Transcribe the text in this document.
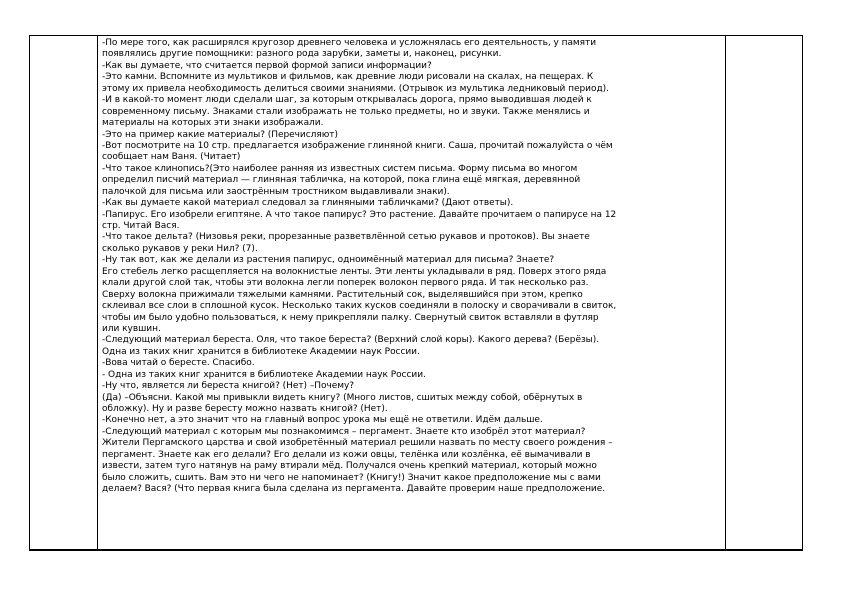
-По мере того, как расширялся кругозор древнего человека и усложнялась его деятельность, у памяти
появлялись другие помощники: разного рода зарубки, заметы и, наконец, рисунки.
-Как вы думаете, что считается первой формой записи информации?
-Это камни. Вспомните из мультиков и фильмов, как древние люди рисовали на скалах, на пещерах. К
этому их привела необходимость делиться своими знаниями. (Отрывок из мультика ледниковый период).
-И в какой-то момент люди сделали шаг, за которым открывалась дорога, прямо выводившая людей к
современному письму. Знаками стали изображать не только предметы, но и звуки. Также менялись и
материалы на которых эти знаки изображали.
-Это на пример какие материалы? (Перечисляют)
-Вот посмотрите на 10 стр. предлагается изображение глиняной книги. Саша, прочитай пожалуйста о чём
сообщает нам Ваня. (Читает)
-Что такое клинопись?(Это наиболее ранняя из известных систем письма. Форму письма во многом
определил писчий материал — глиняная табличка, на которой, пока глина ещё мягкая, деревянной
палочкой для письма или заострённым тростником выдавливали знаки).
-Как вы думаете какой материал следовал за глиняными табличками? (Дают ответы).
-Папирус. Его изобрели египтяне. А что такое папирус? Это растение. Давайте прочитаем о папирусе на 12
стр. Читай Вася.
-Что такое дельта? (Низовья реки, прорезанные разветвлённой сетью рукавов и протоков). Вы знаете
сколько рукавов у реки Нил? (7).
-Ну так вот, как же делали из растения папирус, одноимённый материал для письма? Знаете?
Его стебель легко расщепляется на волокнистые ленты. Эти ленты укладывали в ряд. Поверх этого ряда
клали другой слой так, чтобы эти волокна легли поперек волокон первого ряда. И так несколько раз.
Сверху волокна прижимали тяжелыми камнями. Растительный сок, выделявшийся при этом, крепко
склеивал все слои в сплошной кусок. Несколько таких кусков соединяли в полоску и сворачивали в свиток,
чтобы им было удобно пользоваться, к нему прикрепляли палку. Свернутый свиток вставляли в футляр
или кувшин.
-Следующий материал береста. Оля, что такое береста? (Верхний слой коры). Какого дерева? (Берёзы).
Одна из таких книг хранится в библиотеке Академии наук России.
-Вова читай о бересте. Спасибо.
- Одна из таких книг хранится в библиотеке Академии наук России.
-Ну что, является ли береста книгой? (Нет) –Почему?
(Да) –Объясни. Какой мы привыкли видеть книгу? (Много листов, сшитых между собой, обёрнутых в
обложку). Ну и разве бересту можно назвать книгой? (Нет).
-Конечно нет, а это значит что на главный вопрос урока мы ещё не ответили. Идём дальше.
-Следующий материал с которым мы познакомимся – пергамент. Знаете кто изобрёл этот материал?
Жители Пергамского царства и свой изобретённый материал решили назвать по месту своего рождения –
пергамент. Знаете как его делали? Его делали из кожи овцы, телёнка или козлёнка, её вымачивали в
извести, затем туго натянув на раму втирали мёд. Получался очень крепкий материал, который можно
было сложить, сшить. Вам это ни чего не напоминает? (Книгу!) Значит какое предположение мы с вами
делаем? Вася? (Что первая книга была сделана из пергамента. Давайте проверим наше предположение.
